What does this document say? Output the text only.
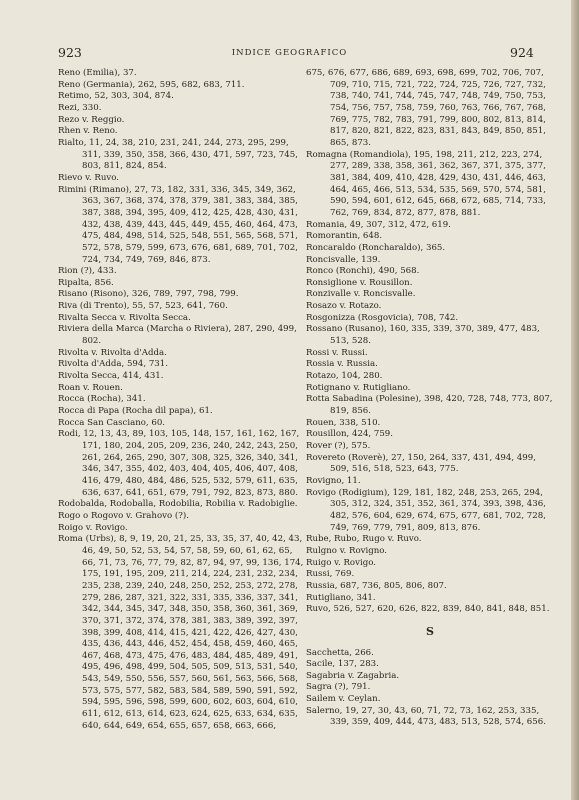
923	INDICE GEOGRAFICO	924
Reno (Emilia), 37.
Reno (Germania), 262, 595, 682, 683, 711.
Retimo, 52, 303, 304, 874.
Rezi, 330.
Rezo v. Reggio.
Rhen v. Reno.
Rialto, 11, 24, 38, 210, 231, 241, 244, 273, 295, 299, 311, 339, 350, 358, 366, 430, 471, 597, 723, 745, 803, 811, 824, 854.
Rievo v. Ruvo.
Rimini (Rimano), 27, 73, 182, 331, 336, 345, 349, 362, 363, 367, 368, 374, 378, 379, 381, 383, 384, 385, 387, 388, 394, 395, 409, 412, 425, 428, 430, 431, 432, 438, 439, 443, 445, 449, 455, 460, 464, 473, 475, 484, 498, 514, 525, 548, 551, 565, 568, 571, 572, 578, 579, 599, 673, 676, 681, 689, 701, 702, 724, 734, 749, 769, 846, 873.
Rion (?), 433.
Ripalta, 856.
Risano (Risono), 326, 789, 797, 798, 799.
Riva (di Trento), 55, 57, 523, 641, 760.
Rivalta Secca v. Rivolta Secca.
Riviera della Marca (Marcha o Riviera), 287, 290, 499, 802.
Rivolta v. Rivolta d'Adda.
Rivolta d'Adda, 594, 731.
Rivolta Secca, 414, 431.
Roan v. Rouen.
Rocca (Rocha), 341.
Rocca di Papa (Rocha dil papa), 61.
Rocca San Casciano, 60.
Rodi, 12, 13, 43, 89, 103, 105, 148, 157, 161, 162, 167, 171, 180, 204, 205, 209, 236, 240, 242, 243, 250, 261, 264, 265, 290, 307, 308, 325, 326, 340, 341, 346, 347, 355, 402, 403, 404, 405, 406, 407, 408, 416, 479, 480, 484, 486, 525, 532, 579, 611, 635, 636, 637, 641, 651, 679, 791, 792, 823, 873, 880.
Rodobalda, Rodoballa, Rodobilia, Robilia v. Radobiglie.
Rogo o Rogovo v. Grahovo (?).
Roigo v. Rovigo.
Roma (Urbs), 8, 9, 19, 20, 21, 25, 33, 35, 37, 40, 42, 43, 46, 49, 50, 52, 53, 54, 57, 58, 59, 60, 61, 62, 65, 66, 71, 73, 76, 77, 79, 82, 87, 94, 97, 99, 136, 174, 175, 191, 195, 209, 211, 214, 224, 231, 232, 234, 235, 238, 239, 240, 248, 250, 252, 253, 272, 278, 279, 286, 287, 321, 322, 331, 335, 336, 337, 341, 342, 344, 345, 347, 348, 350, 358, 360, 361, 369, 370, 371, 372, 374, 378, 381, 383, 389, 392, 397, 398, 399, 408, 414, 415, 421, 422, 426, 427, 430, 435, 436, 443, 446, 452, 454, 458, 459, 460, 465, 467, 468, 473, 475, 476, 483, 484, 485, 489, 491, 495, 496, 498, 499, 504, 505, 509, 513, 531, 540, 543, 549, 550, 556, 557, 560, 561, 563, 566, 568, 573, 575, 577, 582, 583, 584, 589, 590, 591, 592, 594, 595, 596, 598, 599, 600, 602, 603, 604, 610, 611, 612, 613, 614, 623, 624, 625, 633, 634, 635, 640, 644, 649, 654, 655, 657, 658, 663, 666,
675, 676, 677, 686, 689, 693, 698, 699, 702, 706, 707, 709, 710, 715, 721, 722, 724, 725, 726, 727, 732, 738, 740, 741, 744, 745, 747, 748, 749, 750, 753, 754, 756, 757, 758, 759, 760, 763, 766, 767, 768, 769, 775, 782, 783, 791, 799, 800, 802, 813, 814, 817, 820, 821, 822, 823, 831, 843, 849, 850, 851, 865, 873.
Romagna (Romandiola), 195, 198, 211, 212, 223, 274, 277, 289, 338, 358, 361, 362, 367, 371, 375, 377, 381, 384, 409, 410, 428, 429, 430, 431, 446, 463, 464, 465, 466, 513, 534, 535, 569, 570, 574, 581, 590, 594, 601, 612, 645, 668, 672, 685, 714, 733, 762, 769, 834, 872, 877, 878, 881.
Romania, 49, 307, 312, 472, 619.
Romorantin, 648.
Roncaraldo (Roncharaldo), 365.
Roncisvalle, 139.
Ronco (Ronchi), 490, 568.
Ronsiglione v. Rousillon.
Ronzivalle v. Roncisvalle.
Rosazo v. Rotazo.
Rosgonizza (Rosgovicia), 708, 742.
Rossano (Rusano), 160, 335, 339, 370, 389, 477, 483, 513, 528.
Rossi v. Russi.
Rossia v. Russia.
Rotazo, 104, 280.
Rotignano v. Rutigliano.
Rotta Sabadina (Polesine), 398, 420, 728, 748, 773, 807, 819, 856.
Rouen, 338, 510.
Rousillon, 424, 759.
Rover (?), 575.
Rovereto (Roverè), 27, 150, 264, 337, 431, 494, 499, 509, 516, 518, 523, 643, 775.
Rovigno, 11.
Rovigo (Rodigium), 129, 181, 182, 248, 253, 265, 294, 305, 312, 324, 351, 352, 361, 374, 393, 398, 436, 482, 576, 604, 629, 674, 675, 677, 681, 702, 728, 749, 769, 779, 791, 809, 813, 876.
Rube, Rubo, Rugo v. Ruvo.
Rulgno v. Rovigno.
Ruigo v. Rovigo.
Russi, 769.
Russia, 687, 736, 805, 806, 807.
Rutigliano, 341.
Ruvo, 526, 527, 620, 626, 822, 839, 840, 841, 848, 851.
S
Sacchetta, 266.
Sacile, 137, 283.
Sagabria v. Zagabria.
Sagra (?), 791.
Sailem v. Ceylan.
Salerno, 19, 27, 30, 43, 60, 71, 72, 73, 162, 253, 335, 339, 359, 409, 444, 473, 483, 513, 528, 574, 656.
